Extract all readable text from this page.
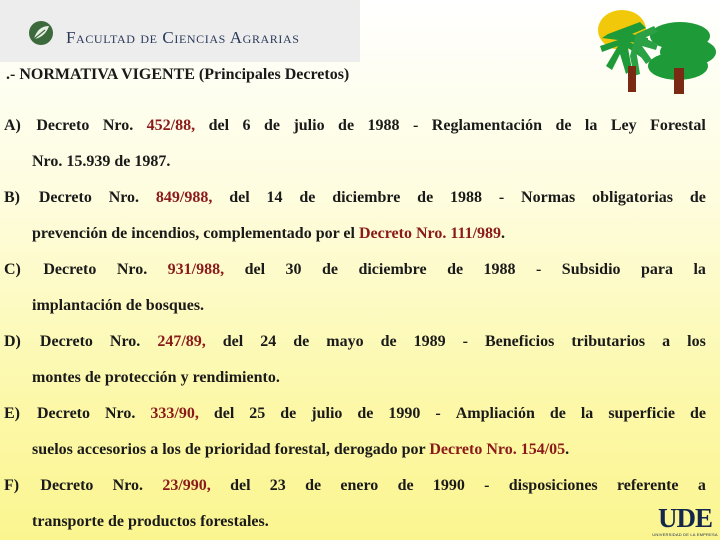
Facultad de Ciencias Agrarias
.- NORMATIVA VIGENTE (Principales Decretos)
A) Decreto Nro. 452/88, del 6 de julio de 1988 - Reglamentación de la Ley Forestal
Nro. 15.939 de 1987.
B) Decreto Nro. 849/988, del 14 de diciembre de 1988 - Normas obligatorias de
prevención de incendios, complementado por el Decreto Nro. 111/989.
C) Decreto Nro. 931/988, del 30 de diciembre de 1988 - Subsidio para la
implantación de bosques.
D) Decreto Nro. 247/89, del 24 de mayo de 1989 - Beneficios tributarios a los
montes de protección y rendimiento.
E) Decreto Nro. 333/90, del 25 de julio de 1990 - Ampliación de la superficie de
suelos accesorios a los de prioridad forestal, derogado por Decreto Nro. 154/05.
F) Decreto Nro. 23/990, del 23 de enero de 1990 - disposiciones referente a
transporte de productos forestales.	UDE
UNIVERSIDAD DE LA EMPRESA
